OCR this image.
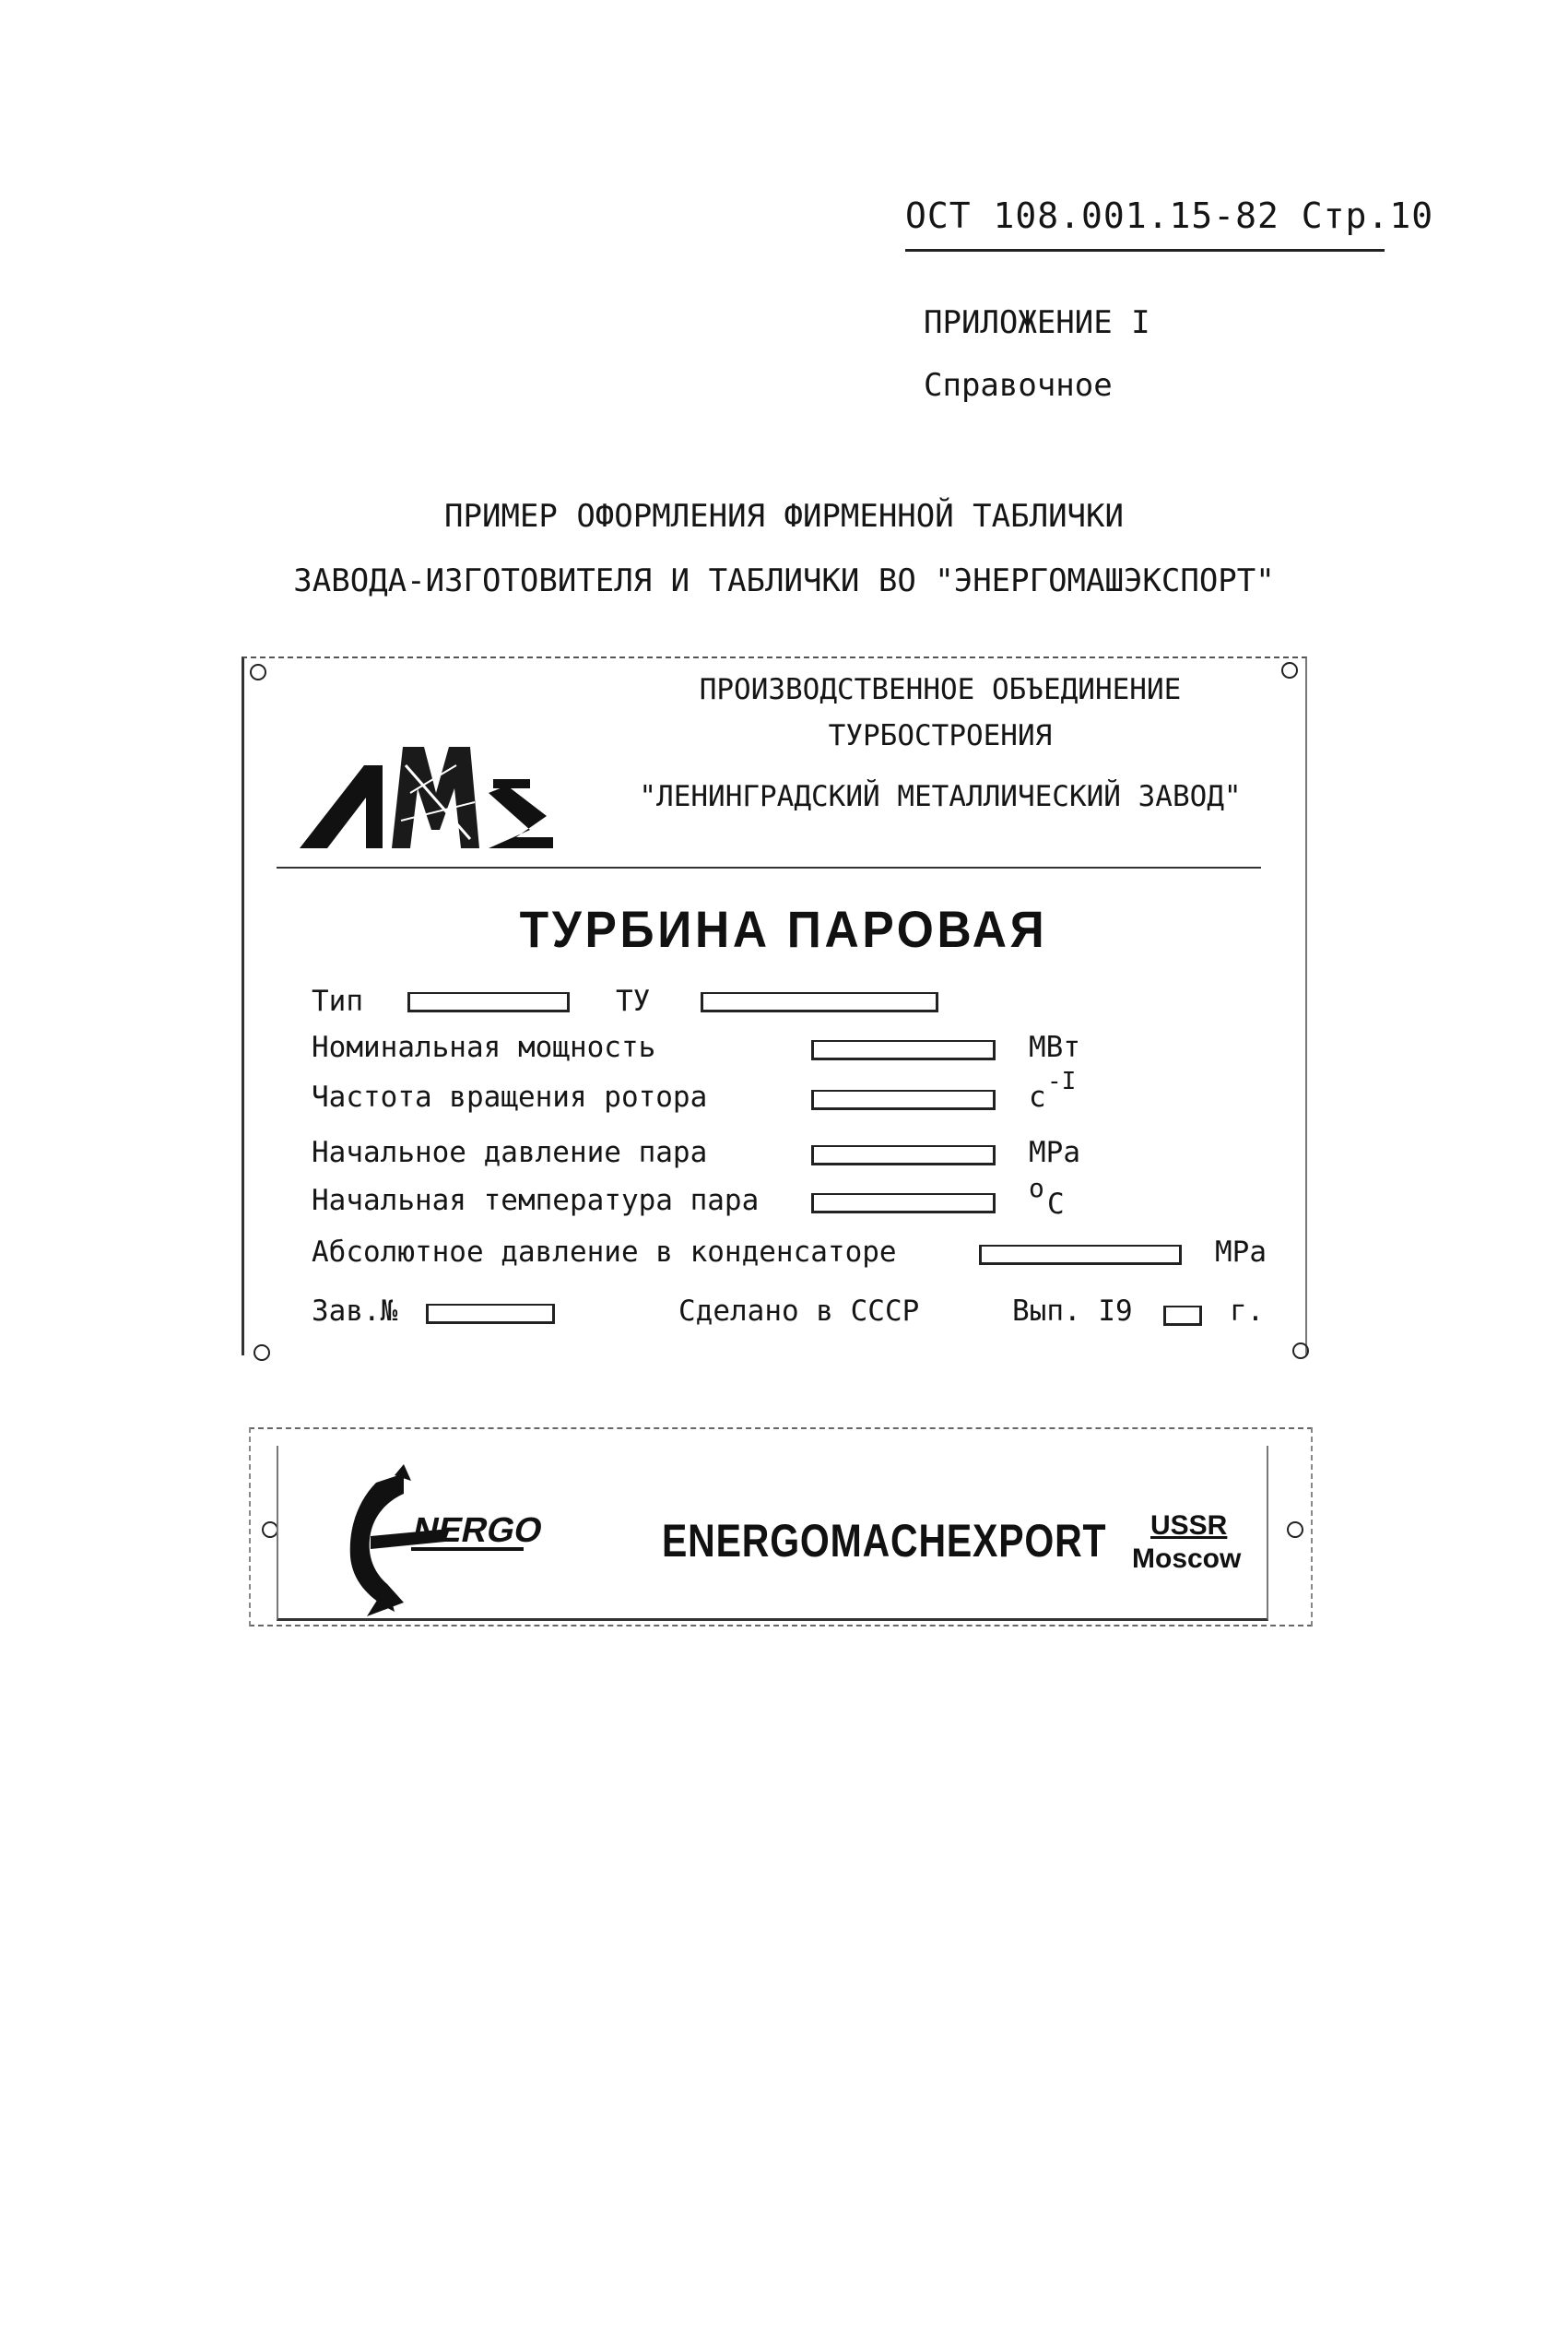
ОСТ 108.001.15-82 Стр.10
ПРИЛОЖЕНИЕ I
Справочное
ПРИМЕР ОФОРМЛЕНИЯ ФИРМЕННОЙ ТАБЛИЧКИ
ЗАВОДА-ИЗГОТОВИТЕЛЯ И ТАБЛИЧКИ ВО "ЭНЕРГОМАШЭКСПОРТ"
ПРОИЗВОДСТВЕННОЕ ОБЪЕДИНЕНИЕ
ТУРБОСТРОЕНИЯ
"ЛЕНИНГРАДСКИЙ МЕТАЛЛИЧЕСКИЙ ЗАВОД"
ТУРБИНА ПАРОВАЯ
Тип	ТУ
Номинальная мощность	МВт
Частота вращения ротора	с -I
Начальное давление пара	МРа
Начальная температура пара	о С
Абсолютное давление в конденсаторе	МРа
Зав.№	Сделано в СССР	Вып. I9	г.
NERGO	ENERGOMACHEXPORT USSR
Moscow
